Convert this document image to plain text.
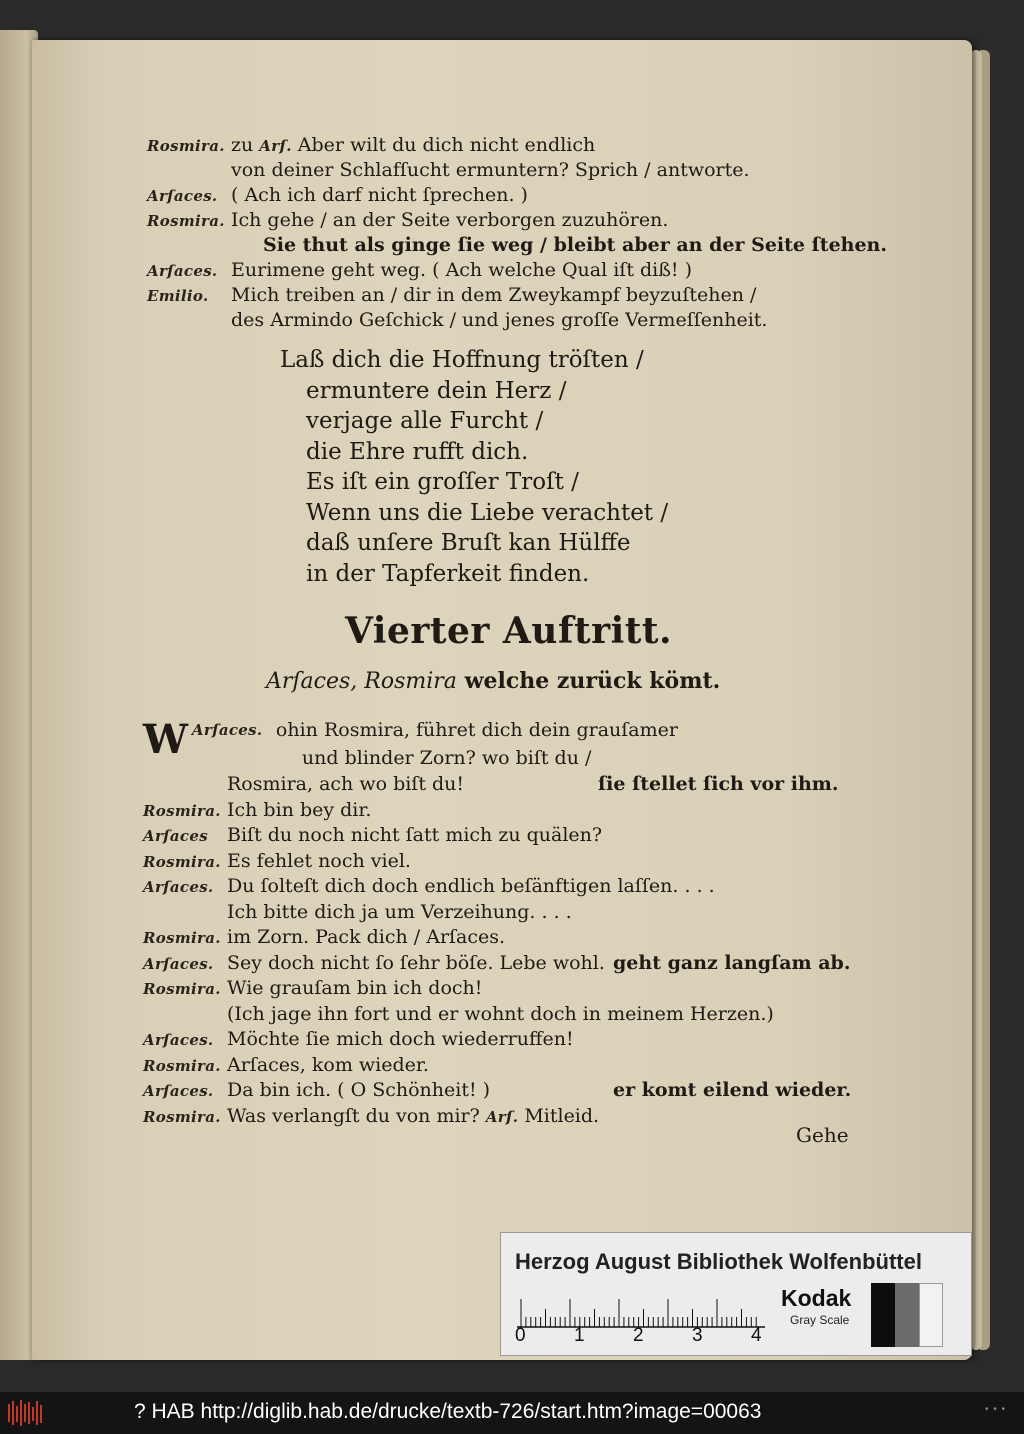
Rosmira. zu Arſ. Aber wilt du dich nicht endlich
von deiner Schlafſucht ermuntern? Sprich / antworte.
Arſaces. ( Ach ich darf nicht ſprechen. )
Rosmira. Ich gehe / an der Seite verborgen zuzuhören.
Sie thut als ginge ſie weg / bleibt aber an der Seite ſtehen.
Arſaces. Eurimene geht weg. ( Ach welche Qual iſt diß! )
Emilio. Mich treiben an / dir in dem Zweykampf beyzuſtehen /
des Armindo Geſchick / und jenes groſſe Vermeſſenheit.
Laß dich die Hoffnung tröſten /
ermuntere dein Herz /
verjage alle Furcht /
die Ehre rufft dich.
Es iſt ein groſſer Troſt /
Wenn uns die Liebe verachtet /
daß unſere Bruſt kan Hülffe
in der Tapferkeit finden.
Vierter Auftritt.
Arſaces, Rosmira welche zurück kömt.
Arſaces.
W	ohin Rosmira, führet dich dein grauſamer
und blinder Zorn? wo biſt du /
Rosmira, ach wo biſt du!	ſie ſtellet ſich vor ihm.
Rosmira. Ich bin bey dir.
Arſaces Biſt du noch nicht ſatt mich zu quälen?
Rosmira. Es fehlet noch viel.
Arſaces. Du ſolteſt dich doch endlich beſänftigen laſſen. . . .
Ich bitte dich ja um Verzeihung. . . .
Rosmira. im Zorn. Pack dich / Arſaces.
Arſaces. Sey doch nicht ſo ſehr böſe. Lebe wohl. geht ganz langſam ab.
Rosmira. Wie grauſam bin ich doch!
(Ich jage ihn fort und er wohnt doch in meinem Herzen.)
Arſaces. Möchte ſie mich doch wiederruffen!
Rosmira. Arſaces, kom wieder.
Arſaces. Da bin ich. ( O Schönheit! )	er komt eilend wieder.
Rosmira. Was verlangſt du von mir? Arſ. Mitleid.
Gehe
Herzog August Bibliothek Wolfenbüttel
0	1	2	3	4
Kodak
Gray Scale
? HAB http://diglib.hab.de/drucke/textb-726/start.htm?image=00063	• • •
